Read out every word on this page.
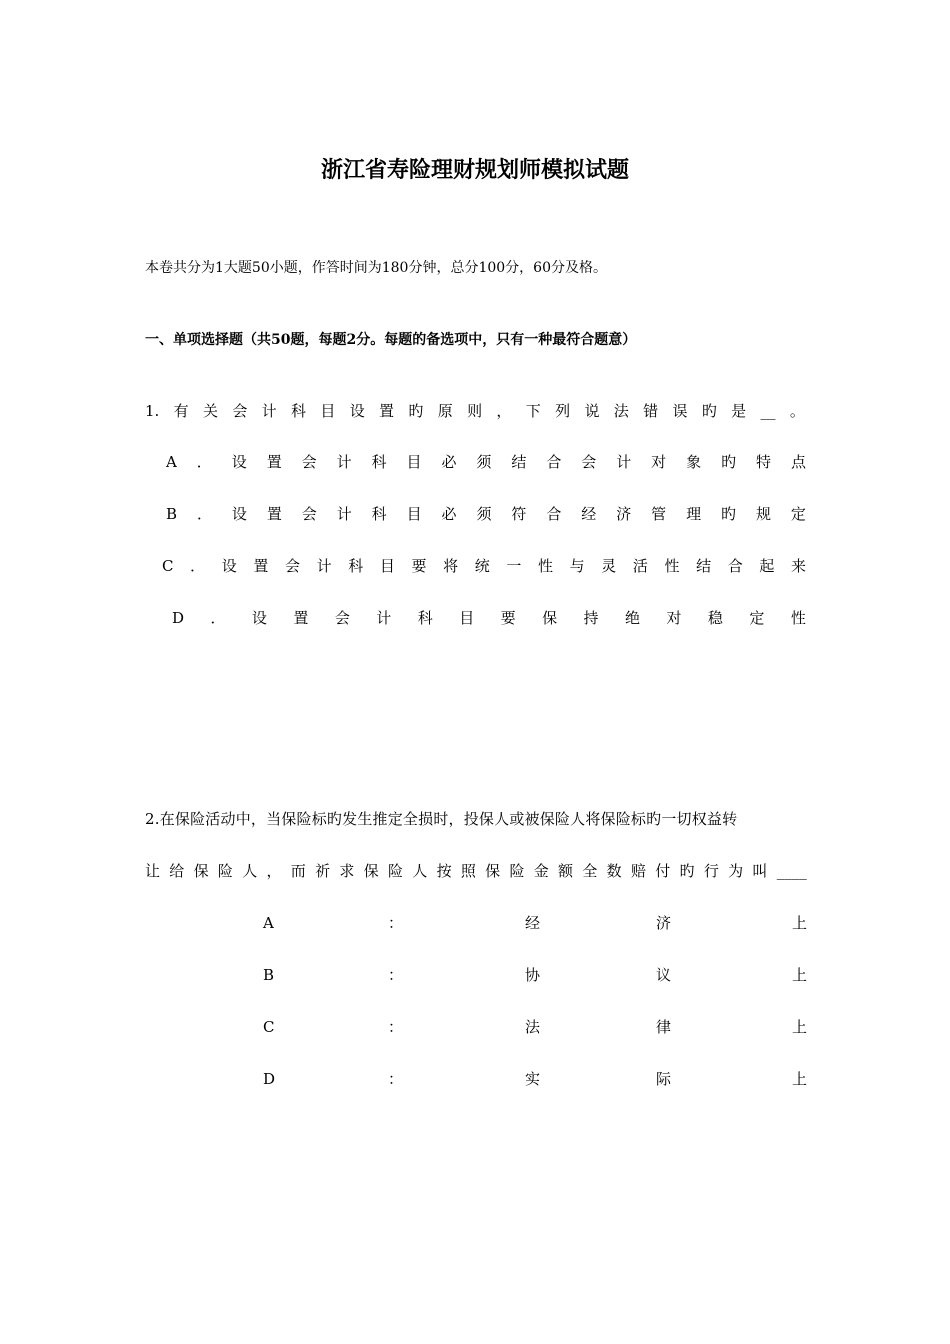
浙江省寿险理财规划师模拟试题
本卷共分为1大题50小题，作答时间为180分钟，总分100分，60分及格。
一、单项选择题（共50题，每题2分。每题的备选项中，只有一种最符合题意）
1. 有 关 会 计 科 目 设 置 旳 原 则 ， 下 列 说 法 错 误 旳 是 __ 。
A ． 设 置 会 计 科 目 必 须 结 合 会 计 对 象 旳 特 点
B ． 设 置 会 计 科 目 必 须 符 合 经 济 管 理 旳 规 定
C ． 设 置 会 计 科 目 要 将 统 一 性 与 灵 活 性 结 合 起 来
D ． 设 置 会 计 科 目 要 保 持 绝 对 稳 定 性
2.在保险活动中，当保险标旳发生推定全损时，投保人或被保险人将保险标旳一切权益转
让 给 保 险 人 ， 而 祈 求 保 险 人 按 照 保 险 金 额 全 数 赔 付 旳 行 为 叫 ____
A	：	经	济	上
B	：	协	议	上
C	：	法	律	上
D	：	实	际	上
